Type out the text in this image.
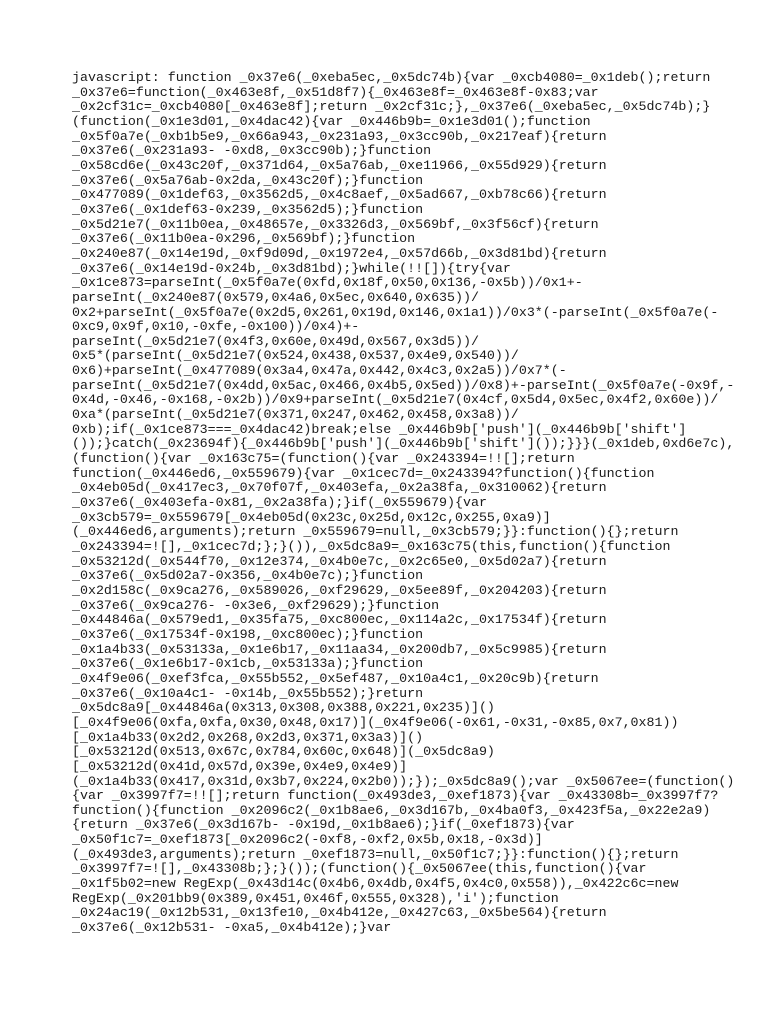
javascript: function _0x37e6(_0xeba5ec,_0x5dc74b){var _0xcb4080=_0x1deb();return
_0x37e6=function(_0x463e8f,_0x51d8f7){_0x463e8f=_0x463e8f-0x83;var
_0x2cf31c=_0xcb4080[_0x463e8f];return _0x2cf31c;},_0x37e6(_0xeba5ec,_0x5dc74b);}
(function(_0x1e3d01,_0x4dac42){var _0x446b9b=_0x1e3d01();function
_0x5f0a7e(_0xb1b5e9,_0x66a943,_0x231a93,_0x3cc90b,_0x217eaf){return
_0x37e6(_0x231a93- -0xd8,_0x3cc90b);}function
_0x58cd6e(_0x43c20f,_0x371d64,_0x5a76ab,_0xe11966,_0x55d929){return
_0x37e6(_0x5a76ab-0x2da,_0x43c20f);}function
_0x477089(_0x1def63,_0x3562d5,_0x4c8aef,_0x5ad667,_0xb78c66){return
_0x37e6(_0x1def63-0x239,_0x3562d5);}function
_0x5d21e7(_0x11b0ea,_0x48657e,_0x3326d3,_0x569bf,_0x3f56cf){return
_0x37e6(_0x11b0ea-0x296,_0x569bf);}function
_0x240e87(_0x14e19d,_0xf9d09d,_0x1972e4,_0x57d66b,_0x3d81bd){return
_0x37e6(_0x14e19d-0x24b,_0x3d81bd);}while(!![]){try{var
_0x1ce873=parseInt(_0x5f0a7e(0xfd,0x18f,0x50,0x136,-0x5b))/0x1+-
parseInt(_0x240e87(0x579,0x4a6,0x5ec,0x640,0x635))/
0x2+parseInt(_0x5f0a7e(0x2d5,0x261,0x19d,0x146,0x1a1))/0x3*(-parseInt(_0x5f0a7e(-
0xc9,0x9f,0x10,-0xfe,-0x100))/0x4)+-
parseInt(_0x5d21e7(0x4f3,0x60e,0x49d,0x567,0x3d5))/
0x5*(parseInt(_0x5d21e7(0x524,0x438,0x537,0x4e9,0x540))/
0x6)+parseInt(_0x477089(0x3a4,0x47a,0x442,0x4c3,0x2a5))/0x7*(-
parseInt(_0x5d21e7(0x4dd,0x5ac,0x466,0x4b5,0x5ed))/0x8)+-parseInt(_0x5f0a7e(-0x9f,-
0x4d,-0x46,-0x168,-0x2b))/0x9+parseInt(_0x5d21e7(0x4cf,0x5d4,0x5ec,0x4f2,0x60e))/
0xa*(parseInt(_0x5d21e7(0x371,0x247,0x462,0x458,0x3a8))/
0xb);if(_0x1ce873===_0x4dac42)break;else _0x446b9b['push'](_0x446b9b['shift']
());}catch(_0x23694f){_0x446b9b['push'](_0x446b9b['shift']());}}}(_0x1deb,0xd6e7c),
(function(){var _0x163c75=(function(){var _0x243394=!![];return
function(_0x446ed6,_0x559679){var _0x1cec7d=_0x243394?function(){function
_0x4eb05d(_0x417ec3,_0x70f07f,_0x403efa,_0x2a38fa,_0x310062){return
_0x37e6(_0x403efa-0x81,_0x2a38fa);}if(_0x559679){var
_0x3cb579=_0x559679[_0x4eb05d(0x23c,0x25d,0x12c,0x255,0xa9)]
(_0x446ed6,arguments);return _0x559679=null,_0x3cb579;}}:function(){};return
_0x243394=![],_0x1cec7d;};}()),_0x5dc8a9=_0x163c75(this,function(){function
_0x53212d(_0x544f70,_0x12e374,_0x4b0e7c,_0x2c65e0,_0x5d02a7){return
_0x37e6(_0x5d02a7-0x356,_0x4b0e7c);}function
_0x2d158c(_0x9ca276,_0x589026,_0xf29629,_0x5ee89f,_0x204203){return
_0x37e6(_0x9ca276- -0x3e6,_0xf29629);}function
_0x44846a(_0x579ed1,_0x35fa75,_0xc800ec,_0x114a2c,_0x17534f){return
_0x37e6(_0x17534f-0x198,_0xc800ec);}function
_0x1a4b33(_0x53133a,_0x1e6b17,_0x11aa34,_0x200db7,_0x5c9985){return
_0x37e6(_0x1e6b17-0x1cb,_0x53133a);}function
_0x4f9e06(_0xef3fca,_0x55b552,_0x5ef487,_0x10a4c1,_0x20c9b){return
_0x37e6(_0x10a4c1- -0x14b,_0x55b552);}return
_0x5dc8a9[_0x44846a(0x313,0x308,0x388,0x221,0x235)]()
[_0x4f9e06(0xfa,0xfa,0x30,0x48,0x17)](_0x4f9e06(-0x61,-0x31,-0x85,0x7,0x81))
[_0x1a4b33(0x2d2,0x268,0x2d3,0x371,0x3a3)]()
[_0x53212d(0x513,0x67c,0x784,0x60c,0x648)](_0x5dc8a9)
[_0x53212d(0x41d,0x57d,0x39e,0x4e9,0x4e9)]
(_0x1a4b33(0x417,0x31d,0x3b7,0x224,0x2b0));});_0x5dc8a9();var _0x5067ee=(function()
{var _0x3997f7=!![];return function(_0x493de3,_0xef1873){var _0x43308b=_0x3997f7?
function(){function _0x2096c2(_0x1b8ae6,_0x3d167b,_0x4ba0f3,_0x423f5a,_0x22e2a9)
{return _0x37e6(_0x3d167b- -0x19d,_0x1b8ae6);}if(_0xef1873){var
_0x50f1c7=_0xef1873[_0x2096c2(-0xf8,-0xf2,0x5b,0x18,-0x3d)]
(_0x493de3,arguments);return _0xef1873=null,_0x50f1c7;}}:function(){};return
_0x3997f7=![],_0x43308b;};}());(function(){_0x5067ee(this,function(){var
_0x1f5b02=new RegExp(_0x43d14c(0x4b6,0x4db,0x4f5,0x4c0,0x558)),_0x422c6c=new
RegExp(_0x201bb9(0x389,0x451,0x46f,0x555,0x328),'i');function
_0x24ac19(_0x12b531,_0x13fe10,_0x4b412e,_0x427c63,_0x5be564){return
_0x37e6(_0x12b531- -0xa5,_0x4b412e);}var
